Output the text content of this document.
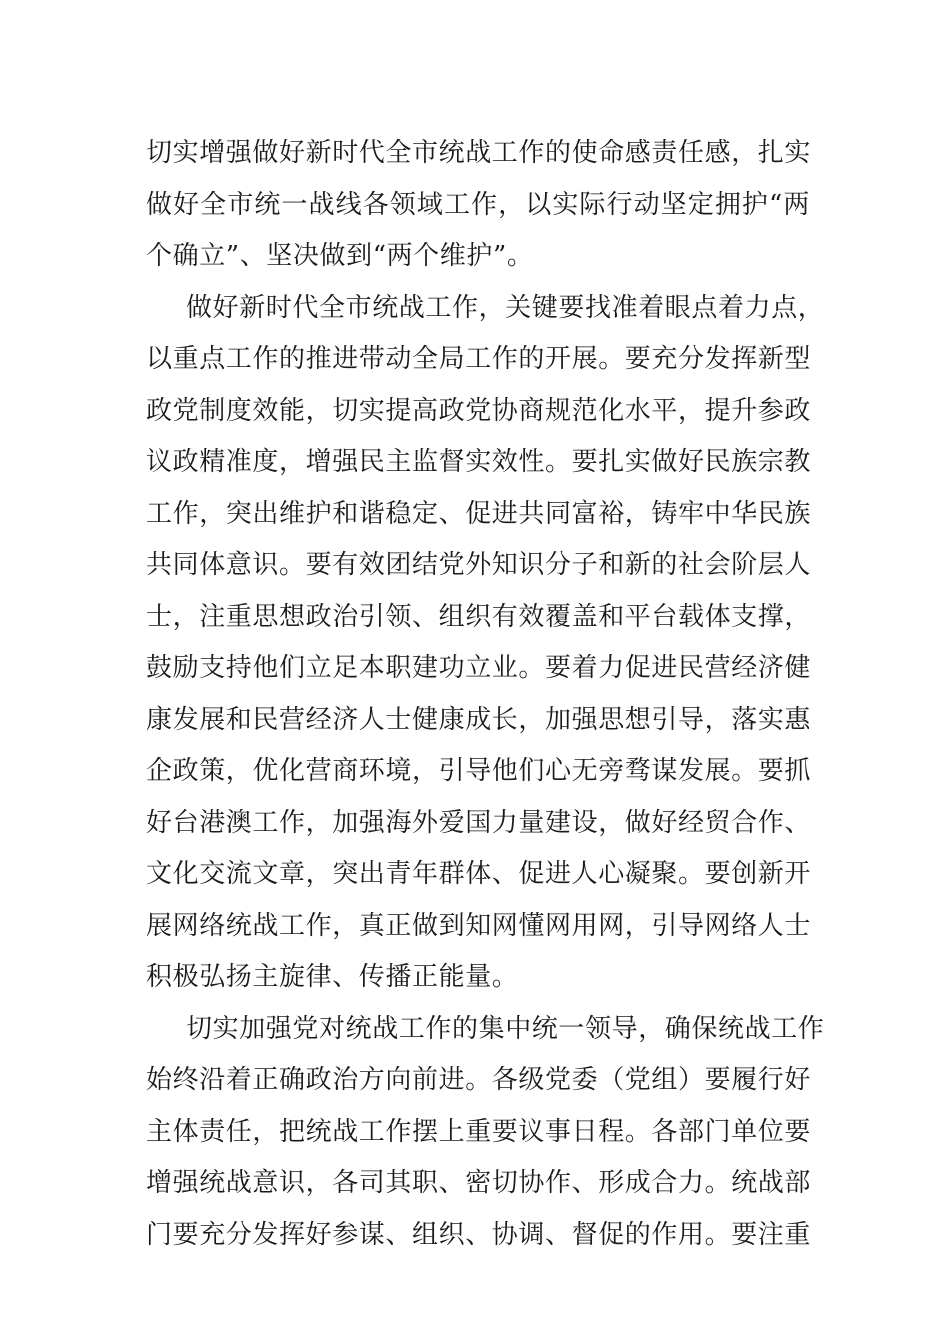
切实增强做好新时代全市统战工作的使命感责任感，扎实
做好全市统一战线各领域工作，以实际行动坚定拥护“两
个确立”、坚决做到“两个维护”。
做好新时代全市统战工作，关键要找准着眼点着力点，
以重点工作的推进带动全局工作的开展。要充分发挥新型
政党制度效能，切实提高政党协商规范化水平，提升参政
议政精准度，增强民主监督实效性。要扎实做好民族宗教
工作，突出维护和谐稳定、促进共同富裕，铸牢中华民族
共同体意识。要有效团结党外知识分子和新的社会阶层人
士，注重思想政治引领、组织有效覆盖和平台载体支撑，
鼓励支持他们立足本职建功立业。要着力促进民营经济健
康发展和民营经济人士健康成长，加强思想引导，落实惠
企政策，优化营商环境，引导他们心无旁骛谋发展。要抓
好台港澳工作，加强海外爱国力量建设，做好经贸合作、
文化交流文章，突出青年群体、促进人心凝聚。要创新开
展网络统战工作，真正做到知网懂网用网，引导网络人士
积极弘扬主旋律、传播正能量。
切实加强党对统战工作的集中统一领导，确保统战工作
始终沿着正确政治方向前进。各级党委（党组）要履行好
主体责任，把统战工作摆上重要议事日程。各部门单位要
增强统战意识，各司其职、密切协作、形成合力。统战部
门要充分发挥好参谋、组织、协调、督促的作用。要注重
